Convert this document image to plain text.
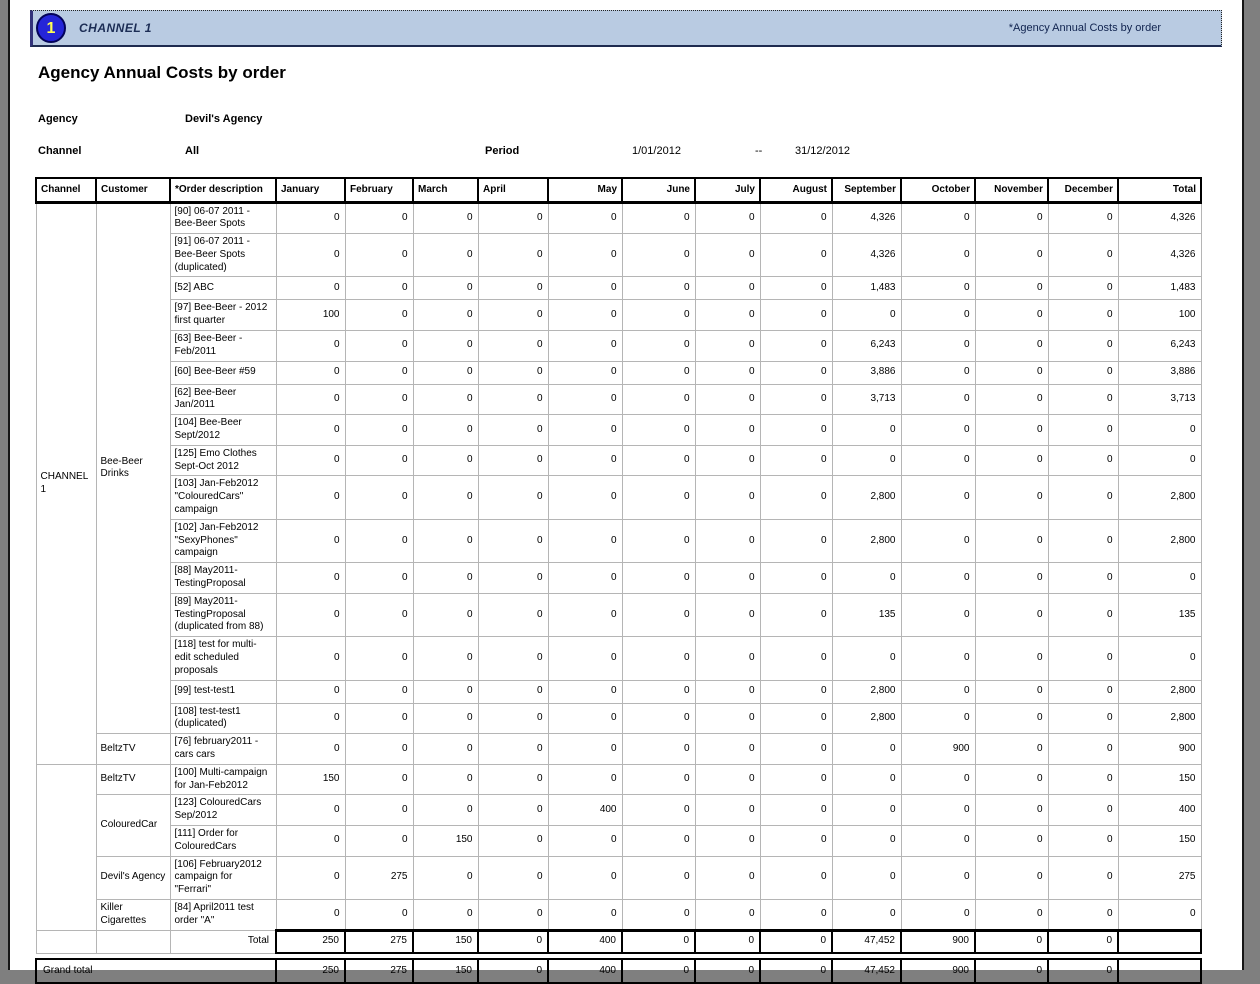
1	CHANNEL 1	*Agency Annual Costs by order
Agency Annual Costs by order
Agency	Devil's Agency
Channel	All	Period	1/01/2012	--	31/12/2012
Channel	Customer	*Order description	January	February	March	April	May	June	July	August	September	October	November	December	Total
CHANNEL 1	Bee-Beer Drinks	[90] 06-07 2011 - Bee-Beer Spots	0	0	0	0	0	0	0	0	4,326	0	0	0	4,326
		[91] 06-07 2011 - Bee-Beer Spots (duplicated)	0	0	0	0	0	0	0	0	4,326	0	0	0	4,326
		[52] ABC	0	0	0	0	0	0	0	0	1,483	0	0	0	1,483
		[97] Bee-Beer - 2012 first quarter	100	0	0	0	0	0	0	0	0	0	0	0	100
		[63] Bee-Beer - Feb/2011	0	0	0	0	0	0	0	0	6,243	0	0	0	6,243
		[60] Bee-Beer #59	0	0	0	0	0	0	0	0	3,886	0	0	0	3,886
		[62] Bee-Beer Jan/2011	0	0	0	0	0	0	0	0	3,713	0	0	0	3,713
		[104] Bee-Beer Sept/2012	0	0	0	0	0	0	0	0	0	0	0	0	0
		[125] Emo Clothes Sept-Oct 2012	0	0	0	0	0	0	0	0	0	0	0	0	0
		[103] Jan-Feb2012 "ColouredCars" campaign	0	0	0	0	0	0	0	0	2,800	0	0	0	2,800
		[102] Jan-Feb2012 "SexyPhones" campaign	0	0	0	0	0	0	0	0	2,800	0	0	0	2,800
		[88] May2011-TestingProposal	0	0	0	0	0	0	0	0	0	0	0	0	0
		[89] May2011-TestingProposal (duplicated from 88)	0	0	0	0	0	0	0	0	135	0	0	0	135
		[118] test for multi-edit scheduled proposals	0	0	0	0	0	0	0	0	0	0	0	0	0
		[99] test-test1	0	0	0	0	0	0	0	0	2,800	0	0	0	2,800
		[108] test-test1 (duplicated)	0	0	0	0	0	0	0	0	2,800	0	0	0	2,800
	BeltzTV	[76] february2011 - cars cars	0	0	0	0	0	0	0	0	0	900	0	0	900
	BeltzTV	[100] Multi-campaign for Jan-Feb2012	150	0	0	0	0	0	0	0	0	0	0	0	150
	ColouredCar	[123] ColouredCars Sep/2012	0	0	0	0	400	0	0	0	0	0	0	0	400
		[111] Order for ColouredCars	0	0	150	0	0	0	0	0	0	0	0	0	150
	Devil's Agency	[106] February2012 campaign for "Ferrari"	0	275	0	0	0	0	0	0	0	0	0	0	275
	Killer Cigarettes	[84] April2011 test order "A"	0	0	0	0	0	0	0	0	0	0	0	0	0
		Total	250	275	150	0	400	0	0	0	47,452	900	0	0	

Grand total			250	275	150	0	400	0	0	0	47,452	900	0	0	
